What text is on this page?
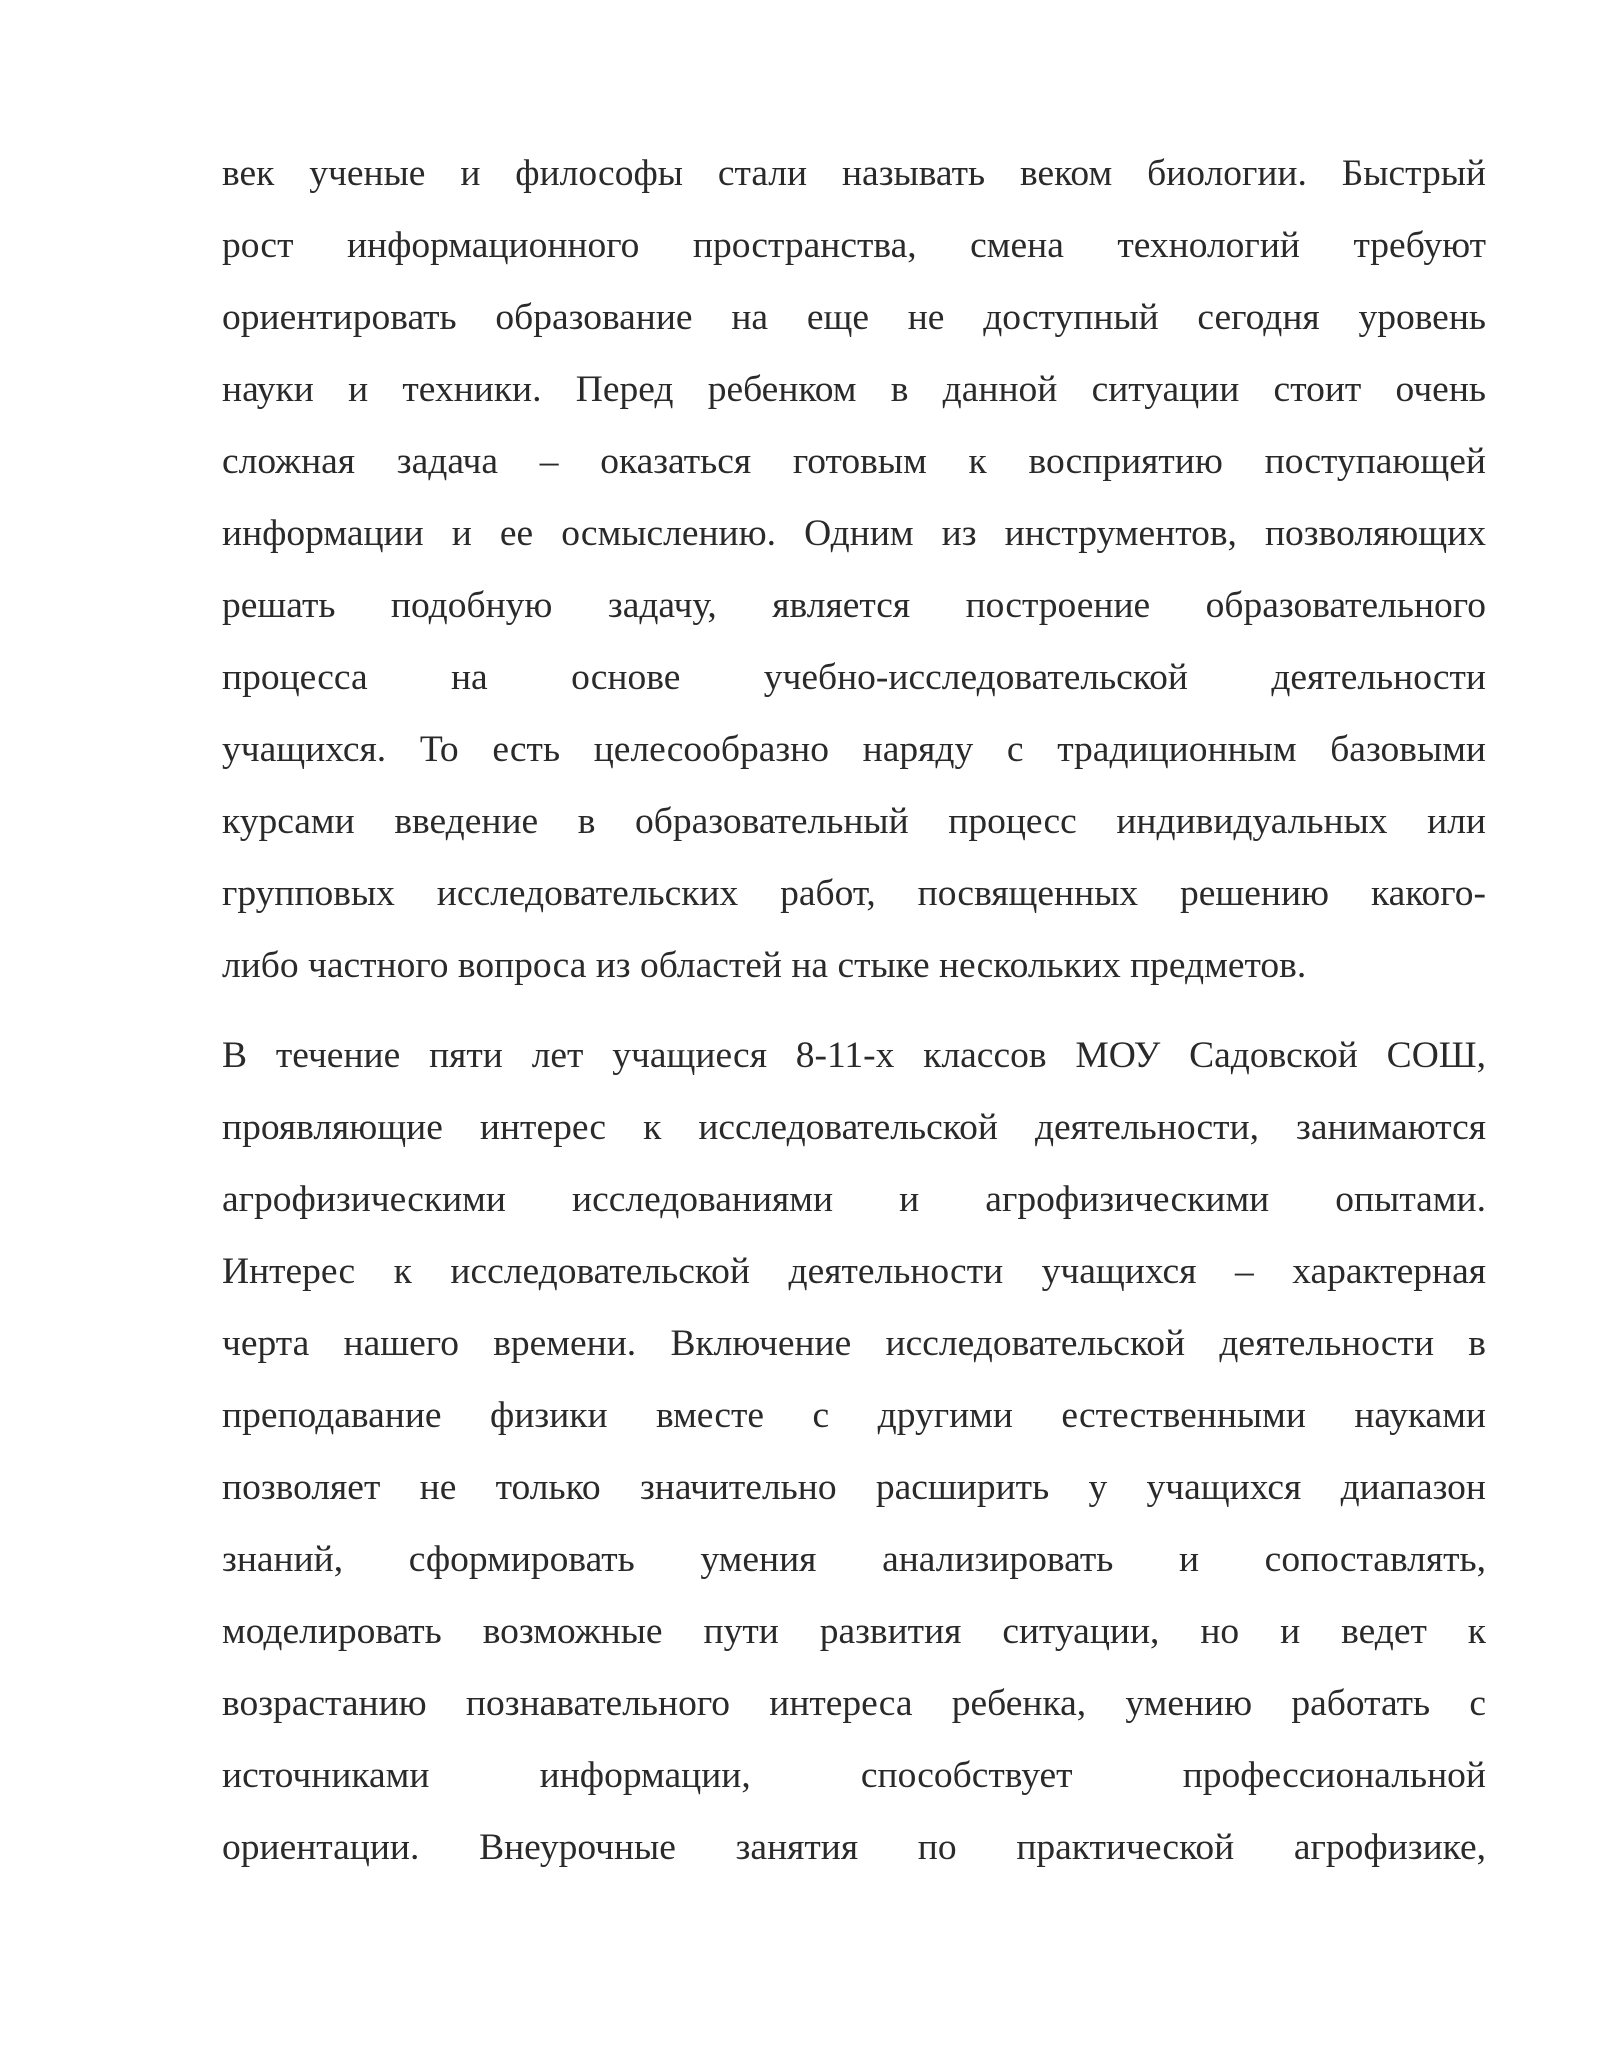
век ученые и философы стали называть веком биологии. Быстрый
рост информационного пространства, смена технологий требуют
ориентировать образование на еще не доступный сегодня уровень
науки и техники. Перед ребенком в данной ситуации стоит очень
сложная задача – оказаться готовым к восприятию поступающей
информации и ее осмыслению. Одним из инструментов, позволяющих
решать подобную задачу, является построение образовательного
процесса на основе учебно-исследовательской деятельности
учащихся. То есть целесообразно наряду с традиционным базовыми
курсами введение в образовательный процесс индивидуальных или
групповых исследовательских работ, посвященных решению какого-
либо частного вопроса из областей на стыке нескольких предметов.
В течение пяти лет учащиеся 8-11-х классов МОУ Садовской СОШ,
проявляющие интерес к исследовательской деятельности, занимаются
агрофизическими исследованиями и агрофизическими опытами.
Интерес к исследовательской деятельности учащихся – характерная
черта нашего времени. Включение исследовательской деятельности в
преподавание физики вместе с другими естественными науками
позволяет не только значительно расширить у учащихся диапазон
знаний, сформировать умения анализировать и сопоставлять,
моделировать возможные пути развития ситуации, но и ведет к
возрастанию познавательного интереса ребенка, умению работать с
источниками информации, способствует профессиональной
ориентации. Внеурочные занятия по практической агрофизике,
